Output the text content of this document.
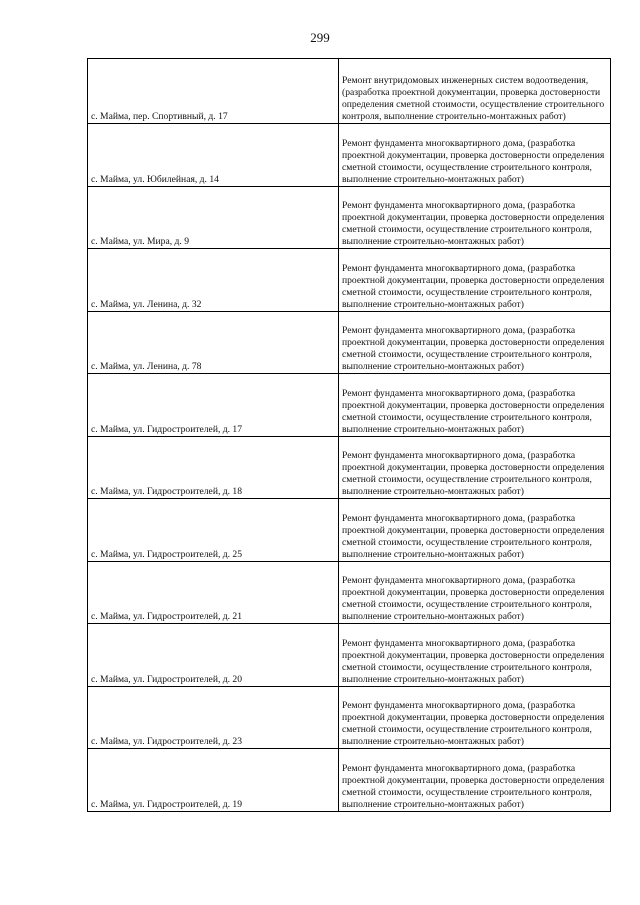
299
с. Майма, пер. Спортивный, д. 17	Ремонт внутридомовых инженерных систем водоотведения, (разработка проектной документации, проверка достоверности определения сметной стоимости, осуществление строительного контроля, выполнение строительно-монтажных работ)
с. Майма, ул. Юбилейная, д. 14	Ремонт фундамента многоквартирного дома, (разработка проектной документации, проверка достоверности определения сметной стоимости, осуществление строительного контроля, выполнение строительно-монтажных работ)
с. Майма, ул. Мира, д. 9	Ремонт фундамента многоквартирного дома, (разработка проектной документации, проверка достоверности определения сметной стоимости, осуществление строительного контроля, выполнение строительно-монтажных работ)
с. Майма, ул. Ленина, д. 32	Ремонт фундамента многоквартирного дома, (разработка проектной документации, проверка достоверности определения сметной стоимости, осуществление строительного контроля, выполнение строительно-монтажных работ)
с. Майма, ул. Ленина, д. 78	Ремонт фундамента многоквартирного дома, (разработка проектной документации, проверка достоверности определения сметной стоимости, осуществление строительного контроля, выполнение строительно-монтажных работ)
с. Майма, ул. Гидростроителей, д. 17	Ремонт фундамента многоквартирного дома, (разработка проектной документации, проверка достоверности определения сметной стоимости, осуществление строительного контроля, выполнение строительно-монтажных работ)
с. Майма, ул. Гидростроителей, д. 18	Ремонт фундамента многоквартирного дома, (разработка проектной документации, проверка достоверности определения сметной стоимости, осуществление строительного контроля, выполнение строительно-монтажных работ)
с. Майма, ул. Гидростроителей, д. 25	Ремонт фундамента многоквартирного дома, (разработка проектной документации, проверка достоверности определения сметной стоимости, осуществление строительного контроля, выполнение строительно-монтажных работ)
с. Майма, ул. Гидростроителей, д. 21	Ремонт фундамента многоквартирного дома, (разработка проектной документации, проверка достоверности определения сметной стоимости, осуществление строительного контроля, выполнение строительно-монтажных работ)
с. Майма, ул. Гидростроителей, д. 20	Ремонт фундамента многоквартирного дома, (разработка проектной документации, проверка достоверности определения сметной стоимости, осуществление строительного контроля, выполнение строительно-монтажных работ)
с. Майма, ул. Гидростроителей, д. 23	Ремонт фундамента многоквартирного дома, (разработка проектной документации, проверка достоверности определения сметной стоимости, осуществление строительного контроля, выполнение строительно-монтажных работ)
с. Майма, ул. Гидростроителей, д. 19	Ремонт фундамента многоквартирного дома, (разработка проектной документации, проверка достоверности определения сметной стоимости, осуществление строительного контроля, выполнение строительно-монтажных работ)
